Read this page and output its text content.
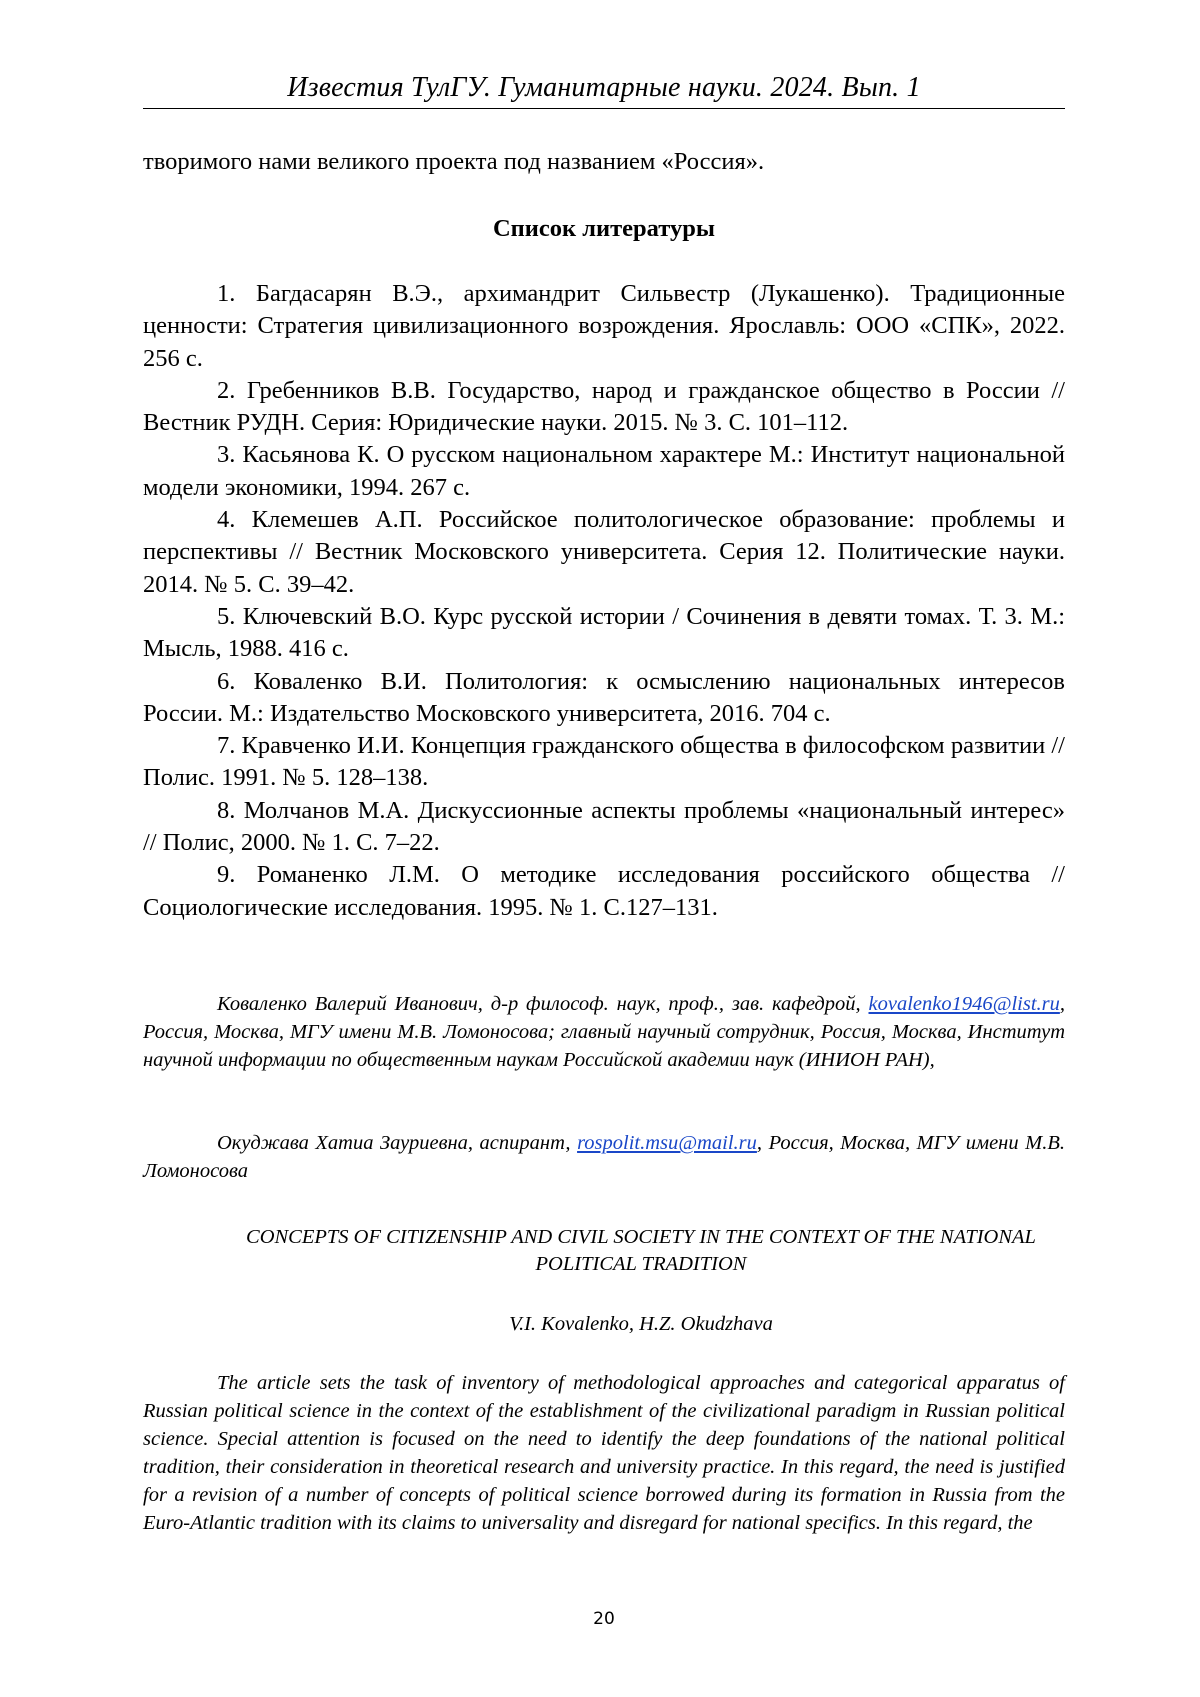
Известия ТулГУ. Гуманитарные науки. 2024. Вып. 1
творимого нами великого проекта под названием «Россия».
Список литературы
1. Багдасарян В.Э., архимандрит Сильвестр (Лукашенко). Традиционные ценности: Стратегия цивилизационного возрождения. Ярославль: ООО «СПК», 2022. 256 с.
2. Гребенников В.В. Государство, народ и гражданское общество в России // Вестник РУДН. Серия: Юридические науки. 2015. № 3. С. 101–112.
3. Касьянова К. О русском национальном характере М.: Институт национальной модели экономики, 1994. 267 с.
4. Клемешев А.П. Российское политологическое образование: проблемы и перспективы // Вестник Московского университета. Серия 12. Политические науки. 2014. № 5. С. 39–42.
5. Ключевский В.О. Курс русской истории / Сочинения в девяти томах. Т. 3. М.: Мысль, 1988. 416 с.
6. Коваленко В.И. Политология: к осмыслению национальных интересов России. М.: Издательство Московского университета, 2016. 704 с.
7. Кравченко И.И. Концепция гражданского общества в философском развитии // Полис. 1991. № 5. 128–138.
8. Молчанов М.А. Дискуссионные аспекты проблемы «национальный интерес» // Полис, 2000. № 1. С. 7–22.
9. Романенко Л.М. О методике исследования российского общества // Социологические исследования. 1995. № 1. С.127–131.
Коваленко Валерий Иванович, д-р философ. наук, проф., зав. кафедрой, kovalenko1946@list.ru, Россия, Москва, МГУ имени М.В. Ломоносова; главный научный сотрудник, Россия, Москва, Институт научной информации по общественным наукам Российской академии наук (ИНИОН РАН),
Окуджава Хатиа Зауриевна, аспирант, rospolit.msu@mail.ru, Россия, Москва, МГУ имени М.В. Ломоносова
CONCEPTS OF CITIZENSHIP AND CIVIL SOCIETY IN THE CONTEXT OF THE NATIONAL POLITICAL TRADITION
V.I. Kovalenko, H.Z. Okudzhava
The article sets the task of inventory of methodological approaches and categorical apparatus of Russian political science in the context of the establishment of the civilizational paradigm in Russian political science. Special attention is focused on the need to identify the deep foundations of the national political tradition, their consideration in theoretical research and university practice. In this regard, the need is justified for a revision of a number of concepts of political science borrowed during its formation in Russia from the Euro-Atlantic tradition with its claims to universality and disregard for national specifics. In this regard, the
20
